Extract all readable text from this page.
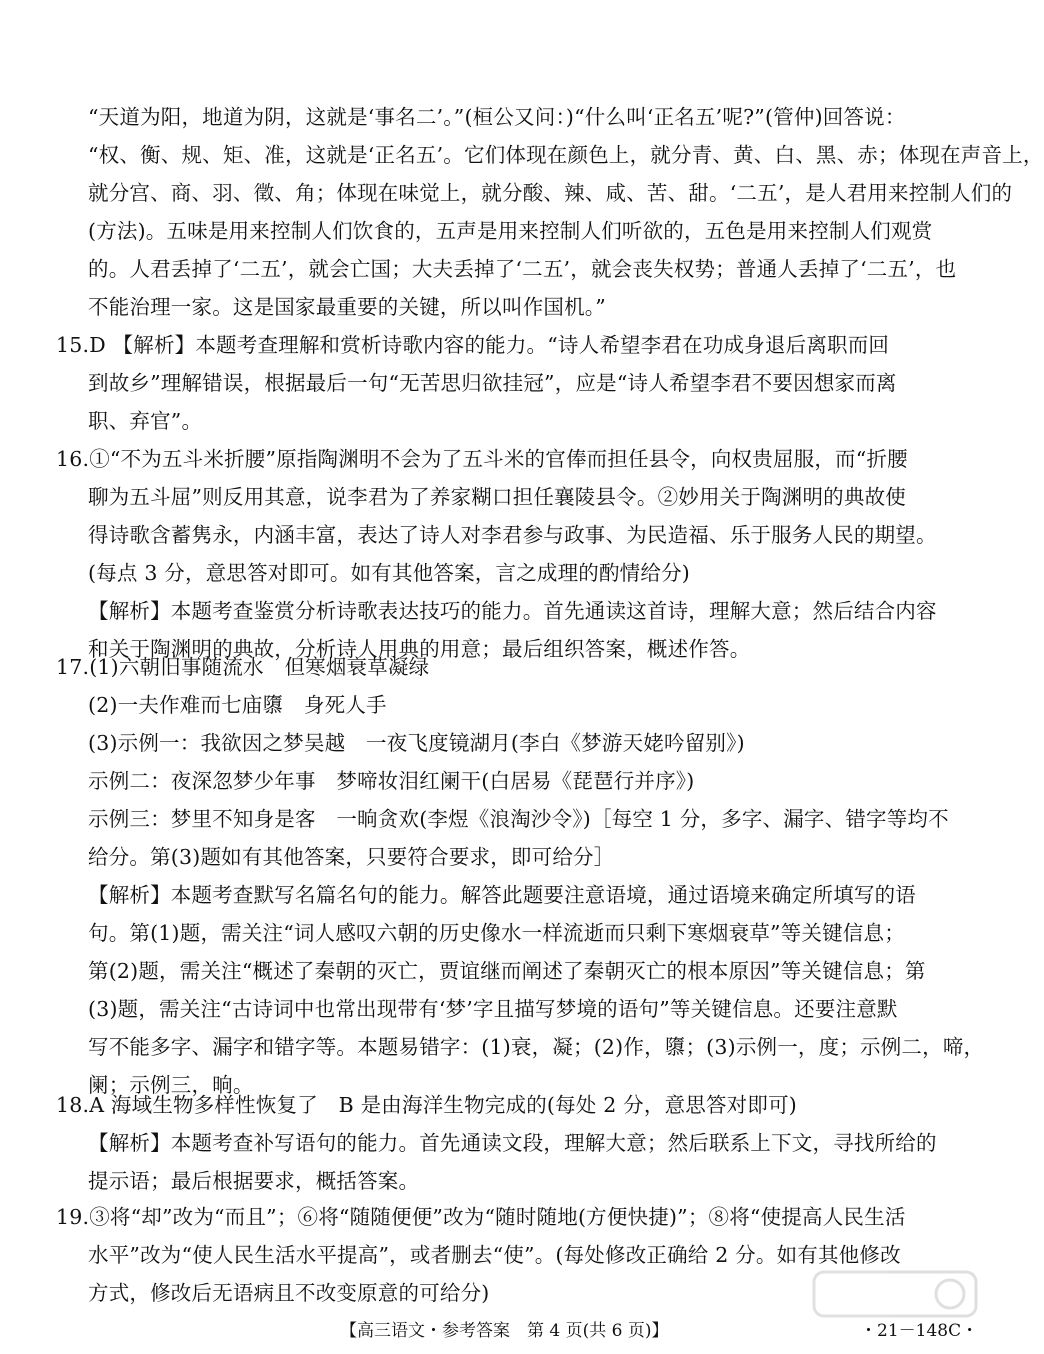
“天道为阳，地道为阴，这就是‘事名二’。”(桓公又问：)“什么叫‘正名五’呢?”(管仲)回答说：
“权、衡、规、矩、准，这就是‘正名五’。它们体现在颜色上，就分青、黄、白、黑、赤；体现在声音上，
就分宫、商、羽、徵、角；体现在味觉上，就分酸、辣、咸、苦、甜。‘二五’，是人君用来控制人们的
(方法)。五味是用来控制人们饮食的，五声是用来控制人们听欲的，五色是用来控制人们观赏
的。人君丢掉了‘二五’，就会亡国；大夫丢掉了‘二五’，就会丧失权势；普通人丢掉了‘二五’，也
不能治理一家。这是国家最重要的关键，所以叫作国机。”
15.D 【解析】本题考查理解和赏析诗歌内容的能力。“诗人希望李君在功成身退后离职而回
到故乡”理解错误，根据最后一句“无苦思归欲挂冠”，应是“诗人希望李君不要因想家而离
职、弃官”。
16.①“不为五斗米折腰”原指陶渊明不会为了五斗米的官俸而担任县令，向权贵屈服，而“折腰
聊为五斗屈”则反用其意，说李君为了养家糊口担任襄陵县令。②妙用关于陶渊明的典故使
得诗歌含蓄隽永，内涵丰富，表达了诗人对李君参与政事、为民造福、乐于服务人民的期望。
(每点 3 分，意思答对即可。如有其他答案，言之成理的酌情给分)
【解析】本题考查鉴赏分析诗歌表达技巧的能力。首先通读这首诗，理解大意；然后结合内容
和关于陶渊明的典故，分析诗人用典的用意；最后组织答案，概述作答。
17.(1)六朝旧事随流水　但寒烟衰草凝绿
(2)一夫作难而七庙隳　身死人手
(3)示例一：我欲因之梦吴越　一夜飞度镜湖月(李白《梦游天姥吟留别》)
示例二：夜深忽梦少年事　梦啼妆泪红阑干(白居易《琵琶行并序》)
示例三：梦里不知身是客　一晌贪欢(李煜《浪淘沙令》)［每空 1 分，多字、漏字、错字等均不
给分。第(3)题如有其他答案，只要符合要求，即可给分］
【解析】本题考查默写名篇名句的能力。解答此题要注意语境，通过语境来确定所填写的语
句。第(1)题，需关注“词人感叹六朝的历史像水一样流逝而只剩下寒烟衰草”等关键信息；
第(2)题，需关注“概述了秦朝的灭亡，贾谊继而阐述了秦朝灭亡的根本原因”等关键信息；第
(3)题，需关注“古诗词中也常出现带有‘梦’字且描写梦境的语句”等关键信息。还要注意默
写不能多字、漏字和错字等。本题易错字：(1)衰，凝；(2)作，隳；(3)示例一，度；示例二，啼，
阑；示例三，晌。
18.A 海域生物多样性恢复了　B 是由海洋生物完成的(每处 2 分，意思答对即可)
【解析】本题考查补写语句的能力。首先通读文段，理解大意；然后联系上下文，寻找所给的
提示语；最后根据要求，概括答案。
19.③将“却”改为“而且”；⑥将“随随便便”改为“随时随地(方便快捷)”；⑧将“使提高人民生活
水平”改为“使人民生活水平提高”，或者删去“使”。(每处修改正确给 2 分。如有其他修改
方式，修改后无语病且不改变原意的可给分)
【高三语文・参考答案　第 4 页(共 6 页)】	・21－148C・
